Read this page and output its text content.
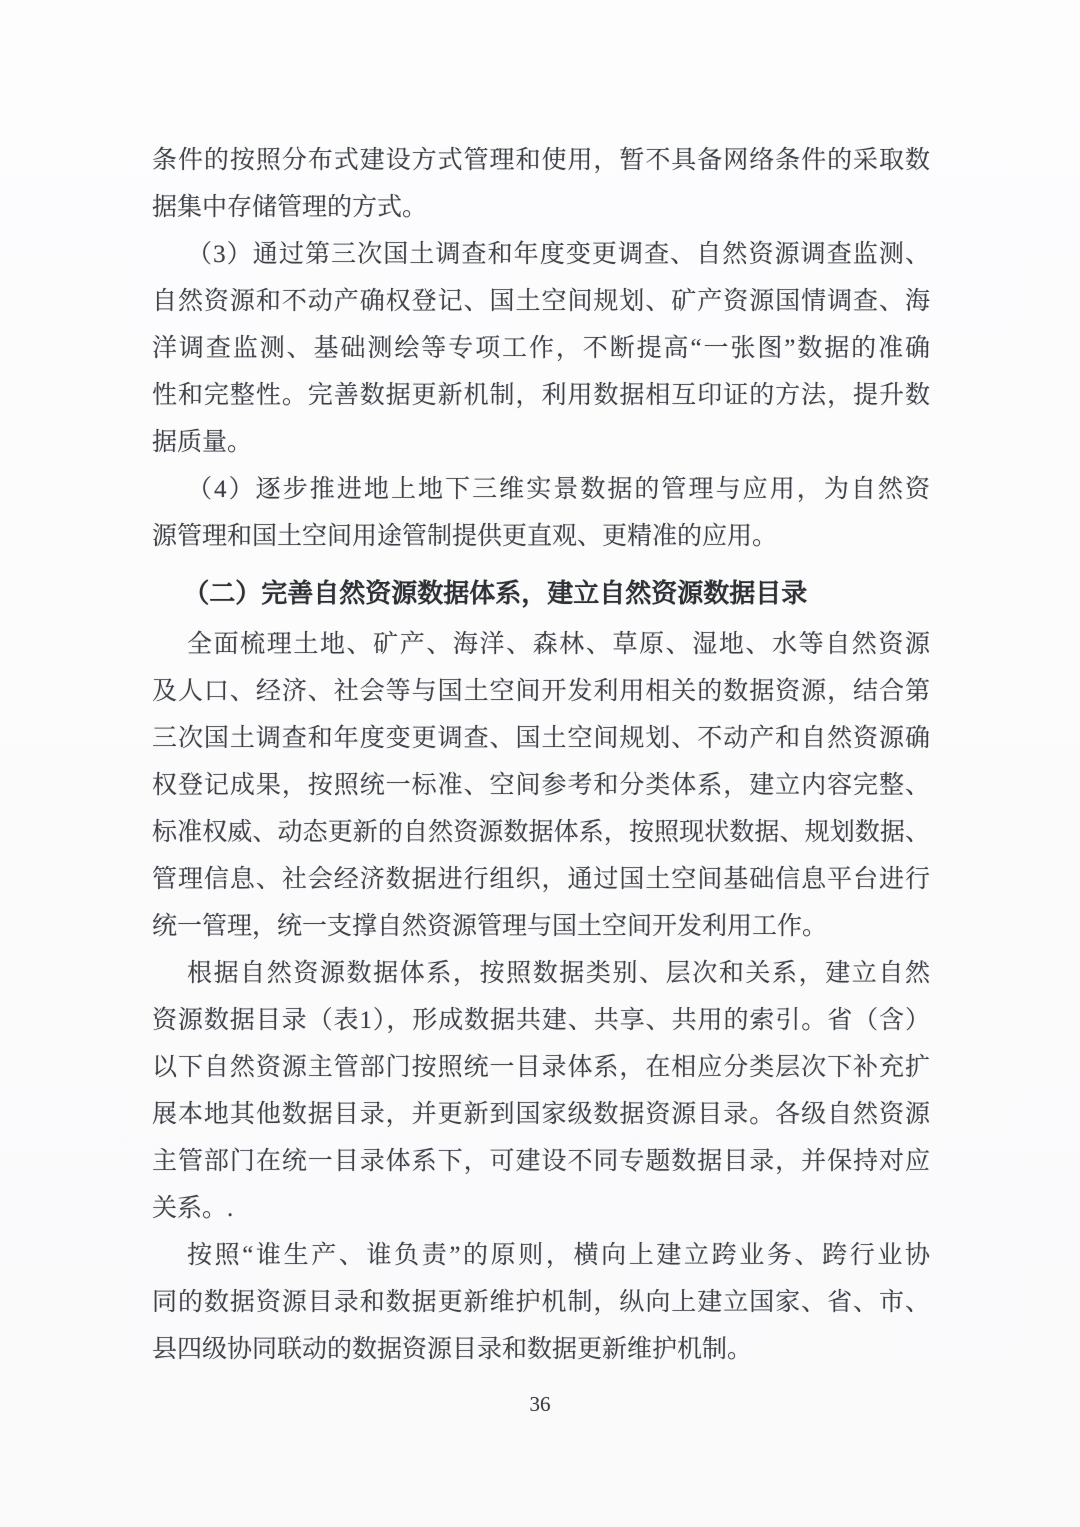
条件的按照分布式建设方式管理和使用，暂不具备网络条件的采取数
据集中存储管理的方式。
（3）通过第三次国土调查和年度变更调查、自然资源调查监测、
自然资源和不动产确权登记、国土空间规划、矿产资源国情调查、海
洋调查监测、基础测绘等专项工作，不断提高“一张图”数据的准确
性和完整性。完善数据更新机制，利用数据相互印证的方法，提升数
据质量。
（4）逐步推进地上地下三维实景数据的管理与应用，为自然资
源管理和国土空间用途管制提供更直观、更精准的应用。
（二）完善自然资源数据体系，建立自然资源数据目录
全面梳理土地、矿产、海洋、森林、草原、湿地、水等自然资源
及人口、经济、社会等与国土空间开发利用相关的数据资源，结合第
三次国土调查和年度变更调查、国土空间规划、不动产和自然资源确
权登记成果，按照统一标准、空间参考和分类体系，建立内容完整、
标准权威、动态更新的自然资源数据体系，按照现状数据、规划数据、
管理信息、社会经济数据进行组织，通过国土空间基础信息平台进行
统一管理，统一支撑自然资源管理与国土空间开发利用工作。
根据自然资源数据体系，按照数据类别、层次和关系，建立自然
资源数据目录（表1），形成数据共建、共享、共用的索引。省（含）
以下自然资源主管部门按照统一目录体系，在相应分类层次下补充扩
展本地其他数据目录，并更新到国家级数据资源目录。各级自然资源
主管部门在统一目录体系下，可建设不同专题数据目录，并保持对应
关系。.
按照“谁生产、谁负责”的原则，横向上建立跨业务、跨行业协
同的数据资源目录和数据更新维护机制，纵向上建立国家、省、市、
县四级协同联动的数据资源目录和数据更新维护机制。
36
